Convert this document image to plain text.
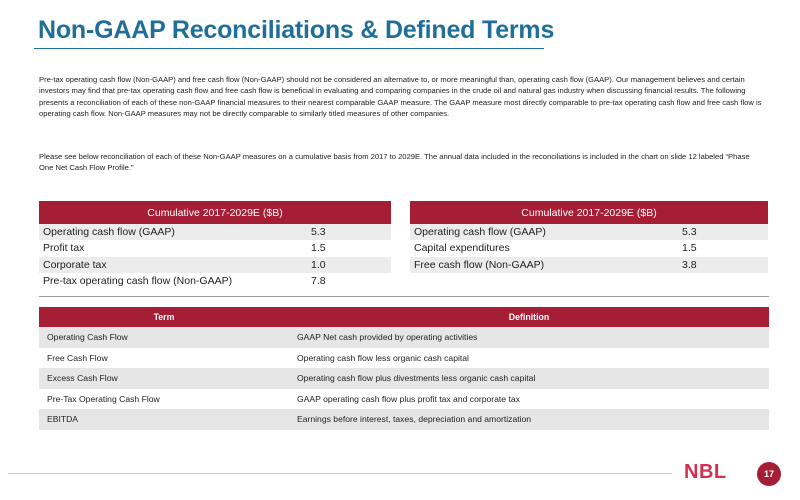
Non-GAAP Reconciliations & Defined Terms
Pre-tax operating cash flow (Non-GAAP) and free cash flow (Non-GAAP) should not be considered an alternative to, or more meaningful than, operating cash flow (GAAP). Our management believes and certain investors may find that pre-tax operating cash flow and free cash flow is beneficial in evaluating and comparing companies in the crude oil and natural gas industry when discussing financial results. The following presents a reconciliation of each of these non-GAAP financial measures to their nearest comparable GAAP measure. The GAAP measure most directly comparable to pre-tax operating cash flow and free cash flow is operating cash flow. Non-GAAP measures may not be directly comparable to similarly titled measures of other companies.
Please see below reconciliation of each of these Non-GAAP measures on a cumulative basis from 2017 to 2029E. The annual data included in the reconciliations is included in the chart on slide 12 labeled “Phase One Net Cash Flow Profile.”
Cumulative 2017-2029E ($B)	
Operating cash flow (GAAP)	5.3
Profit tax	1.5
Corporate tax	1.0
Pre-tax operating cash flow (Non-GAAP)	7.8
Cumulative 2017-2029E ($B)	
Operating cash flow (GAAP)	5.3
Capital expenditures	1.5
Free cash flow (Non-GAAP)	3.8
Term	Definition
Operating Cash Flow	GAAP Net cash provided by operating activities
Free Cash Flow	Operating cash flow less organic cash capital
Excess Cash Flow	Operating cash flow plus divestments less organic cash capital
Pre-Tax Operating Cash Flow	GAAP operating cash flow plus profit tax and corporate tax
EBITDA	Earnings before interest, taxes, depreciation and amortization
NBL	17
